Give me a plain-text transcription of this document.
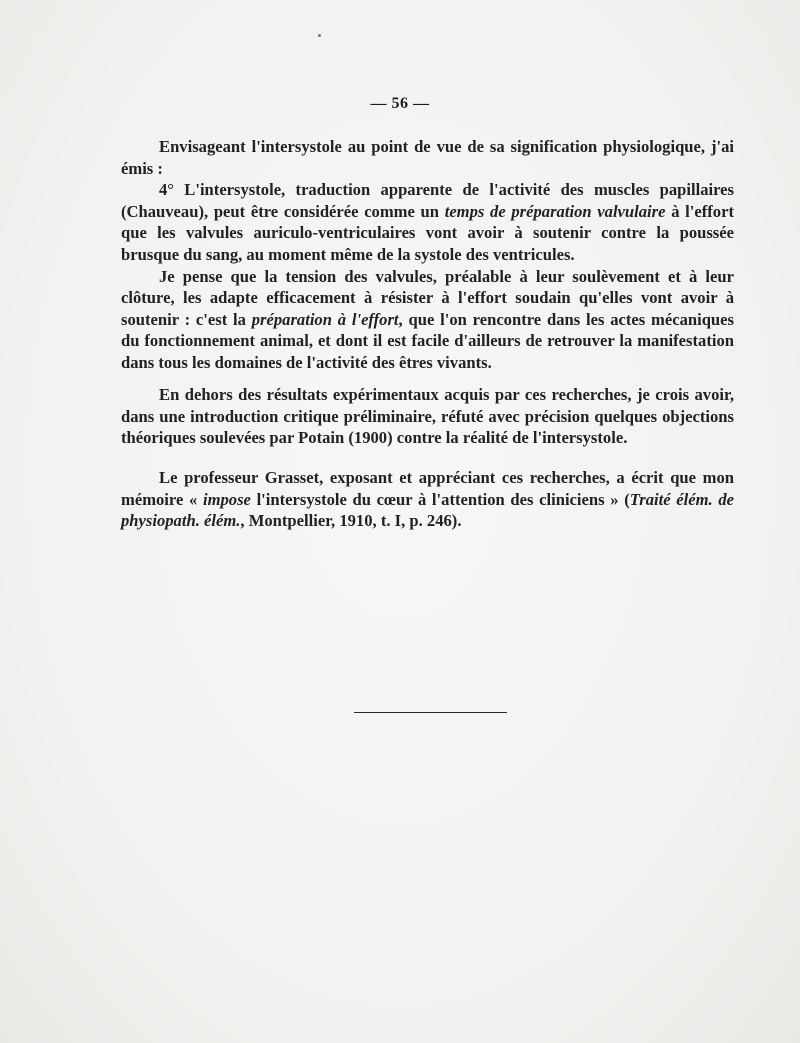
— 56 —

Envisageant l'intersystole au point de vue de sa signification physiologique, j'ai émis :

4° L'intersystole, traduction apparente de l'activité des muscles papillaires (Chauveau), peut être considérée comme un temps de préparation valvulaire à l'effort que les valvules auriculo-ventriculaires vont avoir à soutenir contre la poussée brusque du sang, au moment même de la systole des ventricules.

Je pense que la tension des valvules, préalable à leur soulèvement et à leur clôture, les adapte efficacement à résister à l'effort soudain qu'elles vont avoir à soutenir : c'est la préparation à l'effort, que l'on rencontre dans les actes mécaniques du fonctionnement animal, et dont il est facile d'ailleurs de retrouver la manifestation dans tous les domaines de l'activité des êtres vivants.

En dehors des résultats expérimentaux acquis par ces recherches, je crois avoir, dans une introduction critique préliminaire, réfuté avec précision quelques objections théoriques soulevées par Potain (1900) contre la réalité de l'intersystole.

Le professeur Grasset, exposant et appréciant ces recherches, a écrit que mon mémoire « impose l'intersystole du cœur à l'attention des cliniciens » (Traité élém. de physiopath. élém., Montpellier, 1910, t. I, p. 246).
